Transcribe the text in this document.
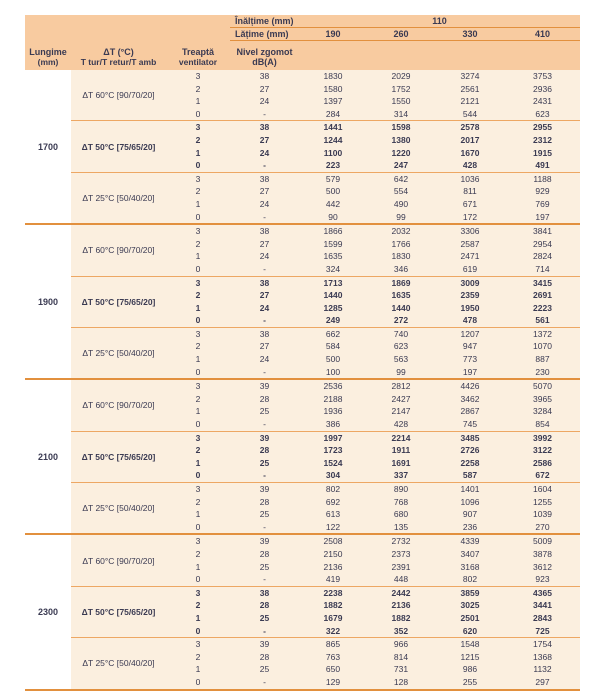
Lungime
(mm)
ΔT (°C)
T tur/T retur/T amb
Treaptă
ventilator
Înălțime (mm)	110
Lățime (mm)	190	260	330	410
Nivel zgomot
dB(A)
1700
ΔT 60°C [90/70/20]
3	38	1830	2029	3274	3753
2	27	1580	1752	2561	2936
1	24	1397	1550	2121	2431
0	-	284	314	544	623
ΔT 50°C [75/65/20]
3	38	1441	1598	2578	2955
2	27	1244	1380	2017	2312
1	24	1100	1220	1670	1915
0	-	223	247	428	491
ΔT 25°C [50/40/20]
3	38	579	642	1036	1188
2	27	500	554	811	929
1	24	442	490	671	769
0	-	90	99	172	197
1900
ΔT 60°C [90/70/20]
3	38	1866	2032	3306	3841
2	27	1599	1766	2587	2954
1	24	1635	1830	2471	2824
0	-	324	346	619	714
ΔT 50°C [75/65/20]
3	38	1713	1869	3009	3415
2	27	1440	1635	2359	2691
1	24	1285	1440	1950	2223
0	-	249	272	478	561
ΔT 25°C [50/40/20]
3	38	662	740	1207	1372
2	27	584	623	947	1070
1	24	500	563	773	887
0	-	100	99	197	230
2100
ΔT 60°C [90/70/20]
3	39	2536	2812	4426	5070
2	28	2188	2427	3462	3965
1	25	1936	2147	2867	3284
0	-	386	428	745	854
ΔT 50°C [75/65/20]
3	39	1997	2214	3485	3992
2	28	1723	1911	2726	3122
1	25	1524	1691	2258	2586
0	-	304	337	587	672
ΔT 25°C [50/40/20]
3	39	802	890	1401	1604
2	28	692	768	1096	1255
1	25	613	680	907	1039
0	-	122	135	236	270
2300
ΔT 60°C [90/70/20]
3	39	2508	2732	4339	5009
2	28	2150	2373	3407	3878
1	25	2136	2391	3168	3612
0	-	419	448	802	923
ΔT 50°C [75/65/20]
3	38	2238	2442	3859	4365
2	28	1882	2136	3025	3441
1	25	1679	1882	2501	2843
0	-	322	352	620	725
ΔT 25°C [50/40/20]
3	39	865	966	1548	1754
2	28	763	814	1215	1368
1	25	650	731	986	1132
0	-	129	128	255	297
